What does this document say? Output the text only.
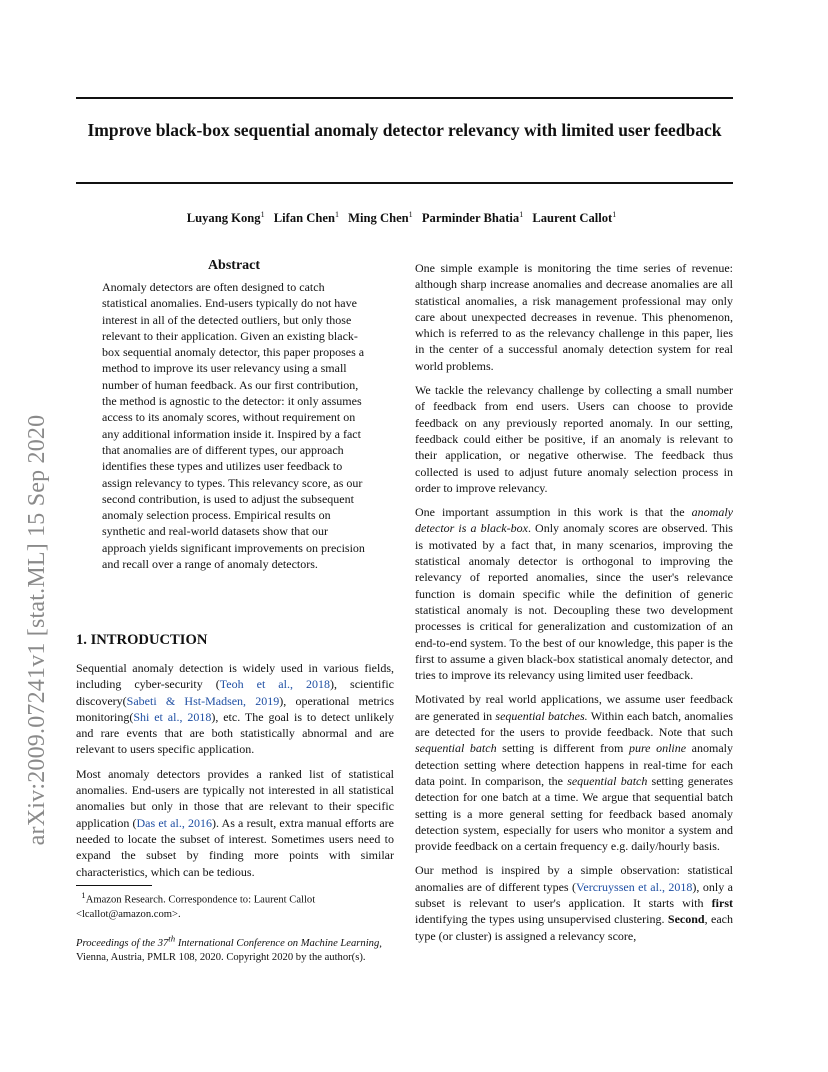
Improve black-box sequential anomaly detector relevancy with limited user feedback
Luyang Kong$^1$ Lifan Chen$^1$ Ming Chen$^1$ Parminder Bhatia$^1$ Laurent Callot$^1$
arXiv:2009.07241v1 [stat.ML] 15 Sep 2020
Abstract
Anomaly detectors are often designed to catch statistical anomalies. End-users typically do not have interest in all of the detected outliers, but only those relevant to their application. Given an existing black-box sequential anomaly detector, this paper proposes a method to improve its user relevancy using a small number of human feedback. As our first contribution, the method is agnostic to the detector: it only assumes access to its anomaly scores, without requirement on any additional information inside it. Inspired by a fact that anomalies are of different types, our approach identifies these types and utilizes user feedback to assign relevancy to types. This relevancy score, as our second contribution, is used to adjust the subsequent anomaly selection process. Empirical results on synthetic and real-world datasets show that our approach yields significant improvements on precision and recall over a range of anomaly detectors.
1. INTRODUCTION

Sequential anomaly detection is widely used in various fields, including cyber-security (Teoh et al., 2018), scientific discovery(Sabeti & Hst-Madsen, 2019), operational metrics monitoring(Shi et al., 2018), etc. The goal is to detect unlikely and rare events that are both statistically abnormal and are relevant to users specific application.

Most anomaly detectors provides a ranked list of statistical anomalies. End-users are typically not interested in all statistical anomalies but only in those that are relevant to their specific application (Das et al., 2016). As a result, extra manual efforts are needed to locate the subset of interest. Sometimes users need to expand the subset by finding more points with similar characteristics, which can be tedious.

$^1$Amazon Research. Correspondence to: Laurent Callot <lcallot@amazon.com>.

Proceedings of the 37th International Conference on Machine Learning, Vienna, Austria, PMLR 108, 2020. Copyright 2020 by the author(s).

One simple example is monitoring the time series of revenue: although sharp increase anomalies and decrease anomalies are all statistical anomalies, a risk management professional may only care about unexpected decreases in revenue. This phenomenon, which is referred to as the relevancy challenge in this paper, lies in the center of a successful anomaly detection system for real world problems.

We tackle the relevancy challenge by collecting a small number of feedback from end users. Users can choose to provide feedback on any previously reported anomaly. In our setting, feedback could either be positive, if an anomaly is relevant to their application, or negative otherwise. The feedback thus collected is used to adjust future anomaly selection process in order to improve relevancy.

One important assumption in this work is that the anomaly detector is a black-box. Only anomaly scores are observed. This is motivated by a fact that, in many scenarios, improving the statistical anomaly detector is orthogonal to improving the relevancy of reported anomalies, since the user's relevance function is domain specific while the definition of generic statistical anomaly is not. Decoupling these two development processes is critical for generalization and customization of an end-to-end system. To the best of our knowledge, this paper is the first to assume a given black-box statistical anomaly detector, and tries to improve its relevancy using limited user feedback.

Motivated by real world applications, we assume user feedback are generated in sequential batches. Within each batch, anomalies are detected for the users to provide feedback. Note that such sequential batch setting is different from pure online anomaly detection setting where detection happens in real-time for each data point. In comparison, the sequential batch setting generates detection for one batch at a time. We argue that sequential batch setting is a more general setting for feedback based anomaly detection system, especially for users who monitor a system and provide feedback on a certain frequency e.g. daily/hourly basis.

Our method is inspired by a simple observation: statistical anomalies are of different types (Vercruyssen et al., 2018), only a subset is relevant to user's application. It starts with first identifying the types using unsupervised clustering. Second, each type (or cluster) is assigned a relevancy score,
